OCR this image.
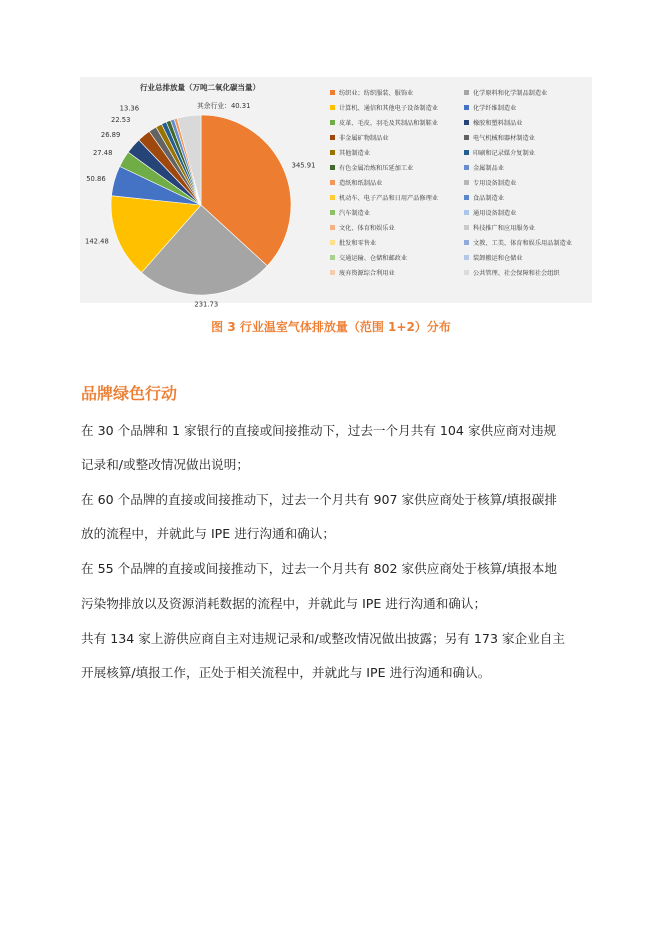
行业总排放量（万吨二氧化碳当量）
345.91
231.73
142.48
50.86
27.48
26.89
22.53
13.36	其余行业：40.31
纺织业；纺织服装、服饰业	化学原料和化学制品制造业
计算机、通信和其他电子设备制造业	化学纤维制造业
皮革、毛皮、羽毛及其制品和制鞋业	橡胶和塑料制品业
非金属矿物制品业	电气机械和器材制造业
其他制造业	印刷和记录媒介复制业
有色金属冶炼和压延加工业	金属制品业
造纸和纸制品业	专用设备制造业
机动车、电子产品和日用产品修理业	食品制造业
汽车制造业	通用设备制造业
文化、体育和娱乐业	科技推广和应用服务业
批发和零售业	文教、工美、体育和娱乐用品制造业
交通运输、仓储和邮政业	装卸搬运和仓储业
废弃资源综合利用业	公共管理、社会保障和社会组织
图 3 行业温室气体排放量（范围 1+2）分布
品牌绿色行动
在 30 个品牌和 1 家银行的直接或间接推动下，过去一个月共有 104 家供应商对违规
记录和/或整改情况做出说明；
在 60 个品牌的直接或间接推动下，过去一个月共有 907 家供应商处于核算/填报碳排
放的流程中，并就此与 IPE 进行沟通和确认；
在 55 个品牌的直接或间接推动下，过去一个月共有 802 家供应商处于核算/填报本地
污染物排放以及资源消耗数据的流程中，并就此与 IPE 进行沟通和确认；
共有 134 家上游供应商自主对违规记录和/或整改情况做出披露；另有 173 家企业自主
开展核算/填报工作，正处于相关流程中，并就此与 IPE 进行沟通和确认。
